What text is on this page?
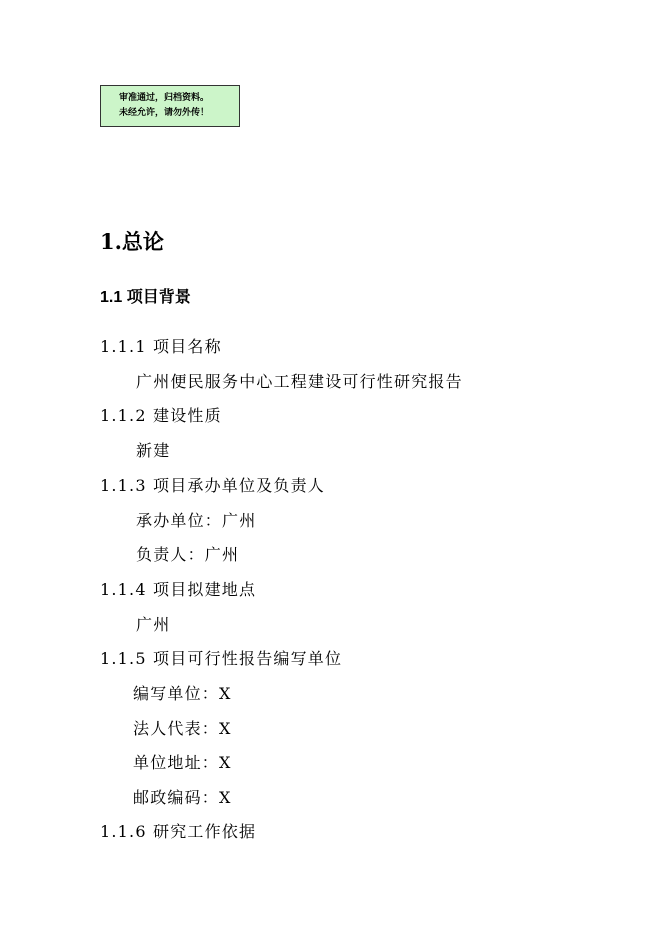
审准通过，归档资料。
未经允许，请勿外传！
1.总论
1.1 项目背景
1.1.1 项目名称
广州便民服务中心工程建设可行性研究报告
1.1.2 建设性质
新建
1.1.3 项目承办单位及负责人
承办单位：广州
负责人：广州
1.1.4 项目拟建地点
广州
1.1.5 项目可行性报告编写单位
编写单位：X
法人代表：X
单位地址：X
邮政编码：X
1.1.6 研究工作依据
